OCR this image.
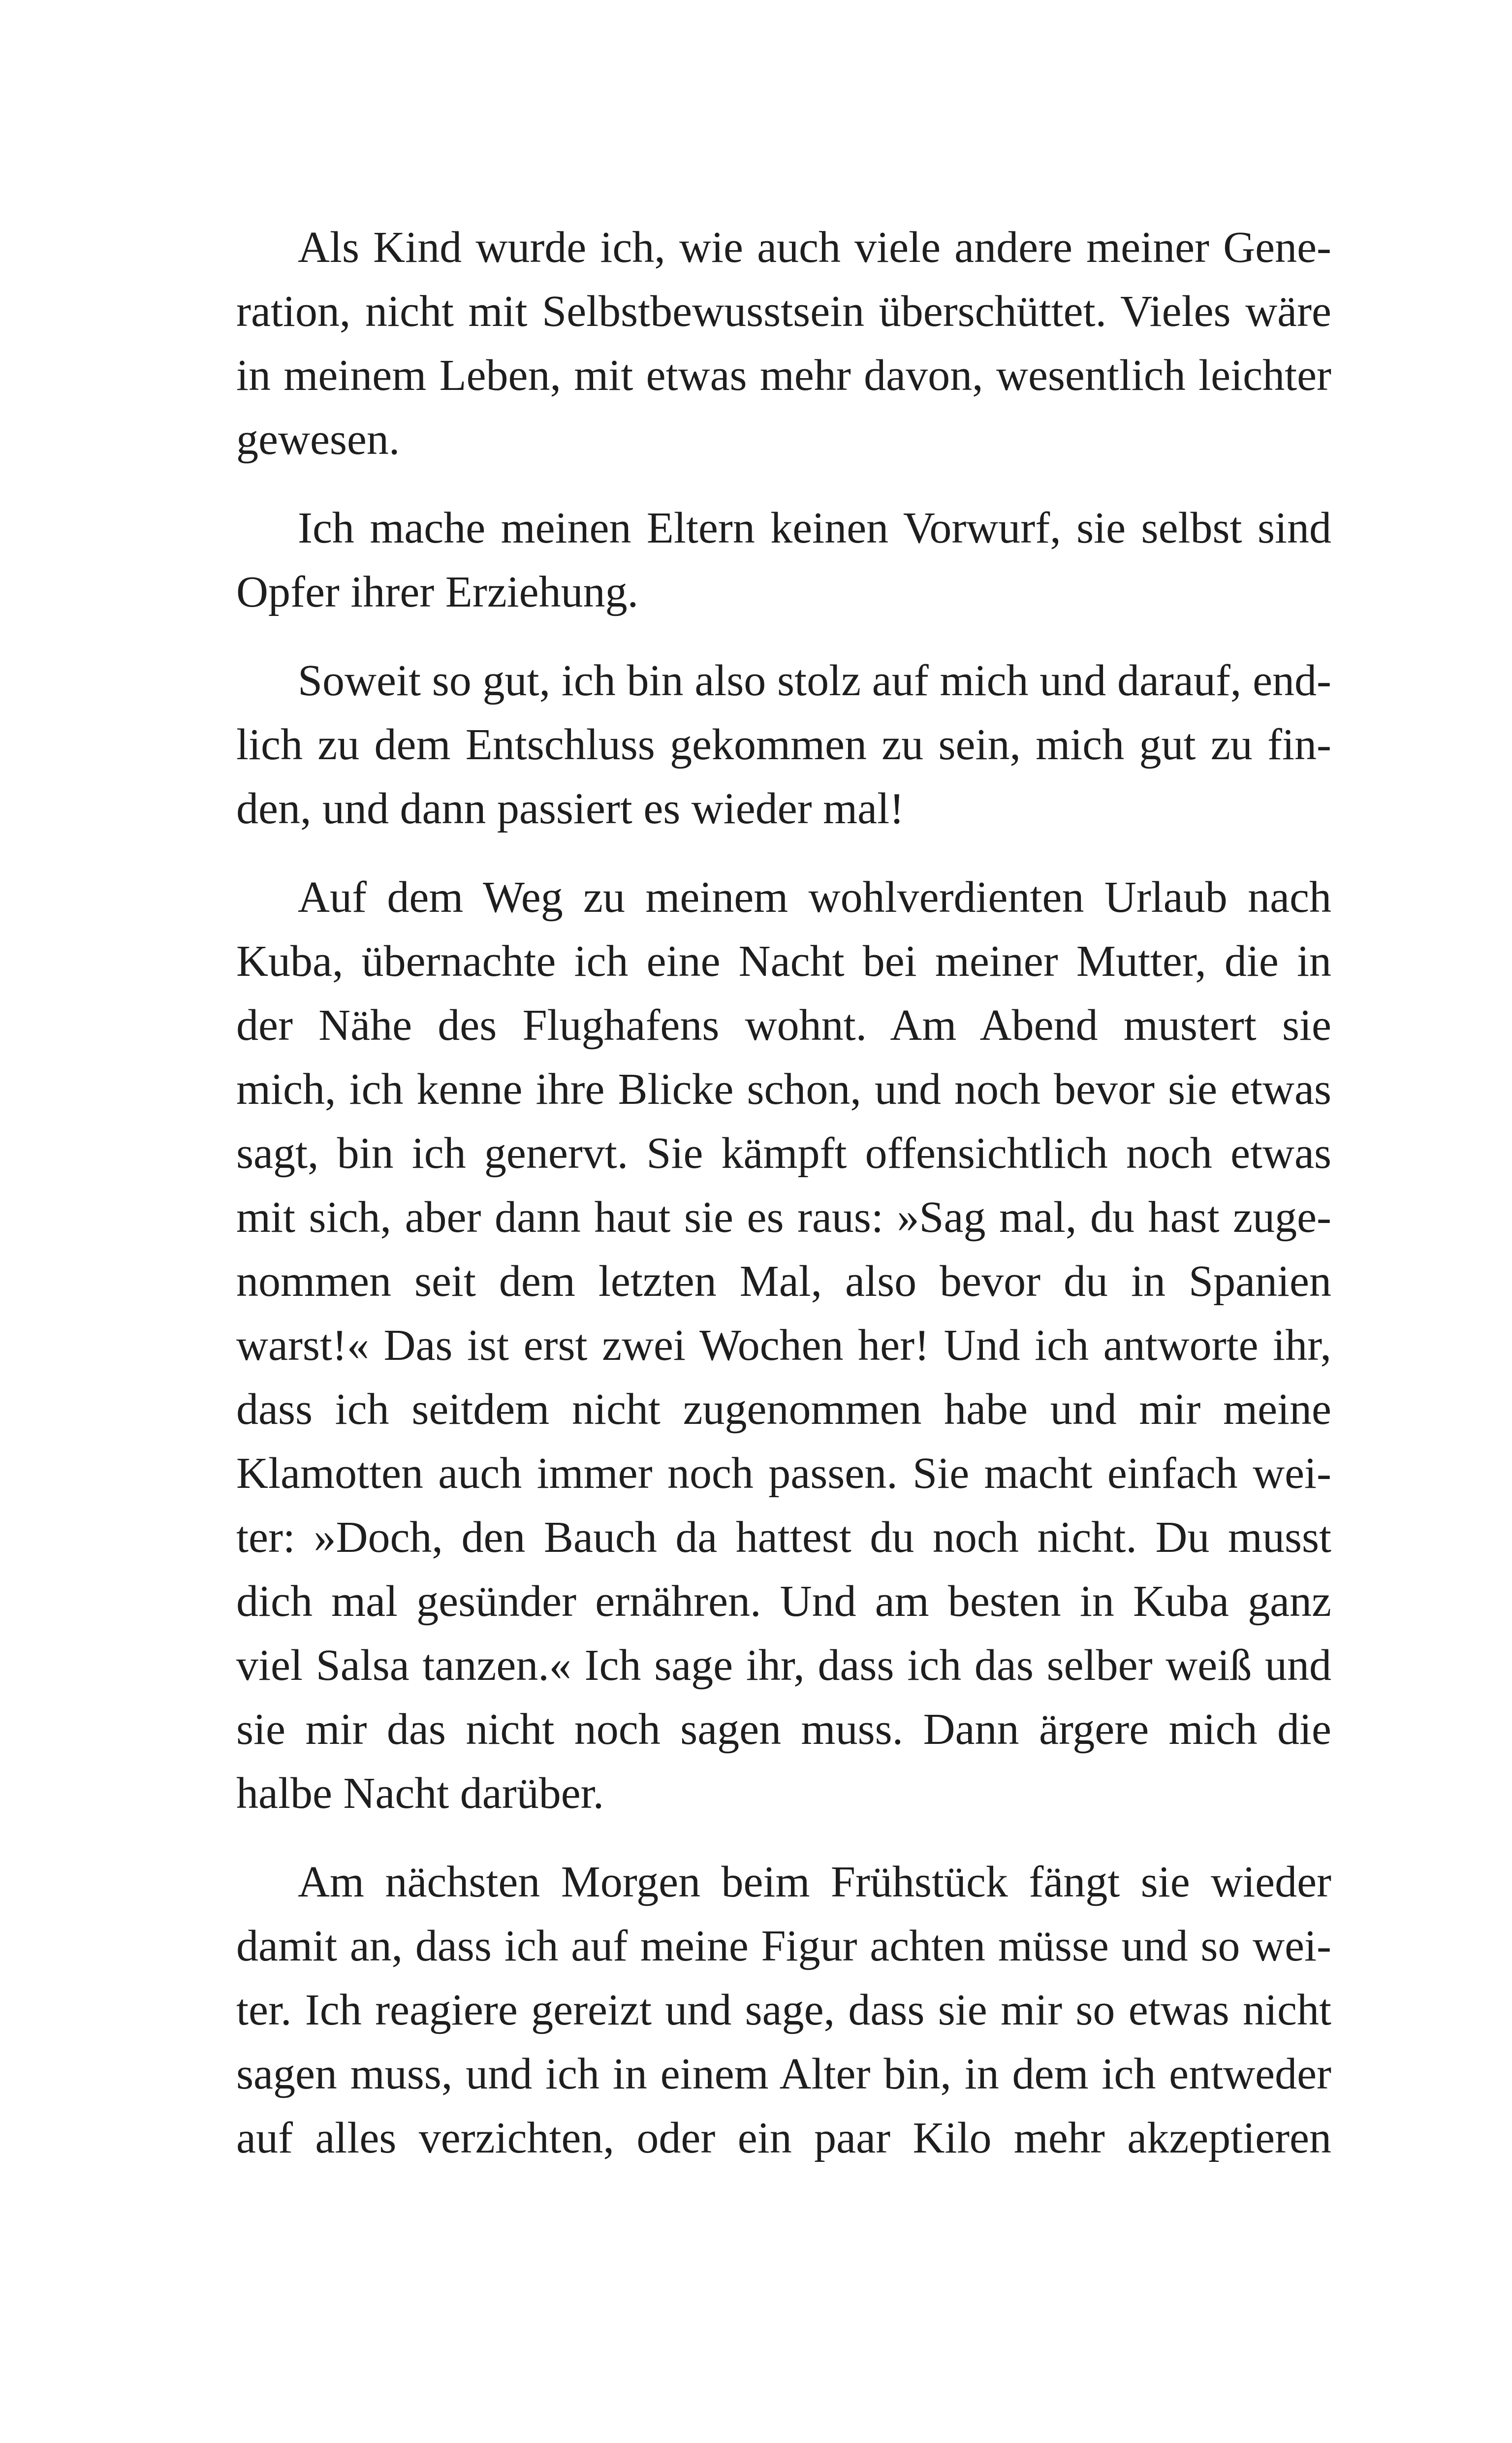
Als Kind wurde ich, wie auch viele andere meiner Gene-
ration, nicht mit Selbstbewusstsein überschüttet. Vieles wäre
in meinem Leben, mit etwas mehr davon, wesentlich leichter
gewesen.
Ich mache meinen Eltern keinen Vorwurf, sie selbst sind
Opfer ihrer Erziehung.
Soweit so gut, ich bin also stolz auf mich und darauf, end-
lich zu dem Entschluss gekommen zu sein, mich gut zu fin-
den, und dann passiert es wieder mal!
Auf dem Weg zu meinem wohlverdienten Urlaub nach
Kuba, übernachte ich eine Nacht bei meiner Mutter, die in
der Nähe des Flughafens wohnt. Am Abend mustert sie
mich, ich kenne ihre Blicke schon, und noch bevor sie etwas
sagt, bin ich genervt. Sie kämpft offensichtlich noch etwas
mit sich, aber dann haut sie es raus: »Sag mal, du hast zuge-
nommen seit dem letzten Mal, also bevor du in Spanien
warst!« Das ist erst zwei Wochen her! Und ich antworte ihr,
dass ich seitdem nicht zugenommen habe und mir meine
Klamotten auch immer noch passen. Sie macht einfach wei-
ter: »Doch, den Bauch da hattest du noch nicht. Du musst
dich mal gesünder ernähren. Und am besten in Kuba ganz
viel Salsa tanzen.« Ich sage ihr, dass ich das selber weiß und
sie mir das nicht noch sagen muss. Dann ärgere mich die
halbe Nacht darüber.
Am nächsten Morgen beim Frühstück fängt sie wieder
damit an, dass ich auf meine Figur achten müsse und so wei-
ter. Ich reagiere gereizt und sage, dass sie mir so etwas nicht
sagen muss, und ich in einem Alter bin, in dem ich entweder
auf alles verzichten, oder ein paar Kilo mehr akzeptieren
